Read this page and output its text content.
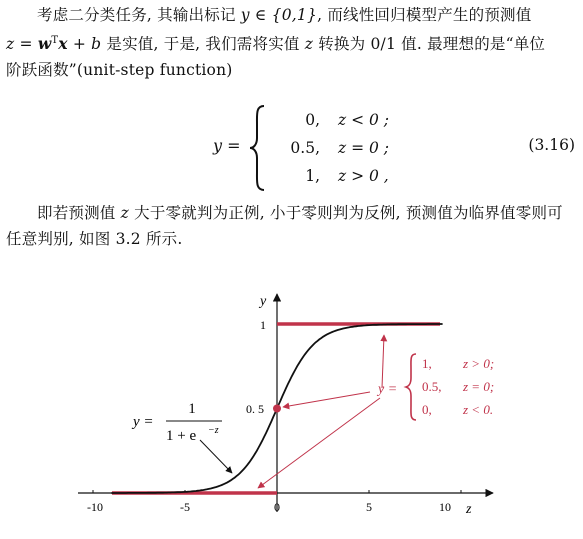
考虑二分类任务, 其输出标记 y ∈ {0,1}, 而线性回归模型产生的预测值
$z = w^Tx + b$ 是实值, 于是, 我们需将实值 z 转换为 0/1 值. 最理想的是“单位
阶跃函数”(unit-step function)
y =
0, z < 0 ;
0.5, z = 0 ;
1, z > 0 ,
(3.16)
即若预测值 z 大于零就判为正例, 小于零则判为反例, 预测值为临界值零则可
任意判别, 如图 3.2 所示.
-10	-5	0	5	10 z
y
1
0. 5
y =
1
1 + e −z
y =
1, z > 0;
0.5, z = 0;
0, z < 0.
